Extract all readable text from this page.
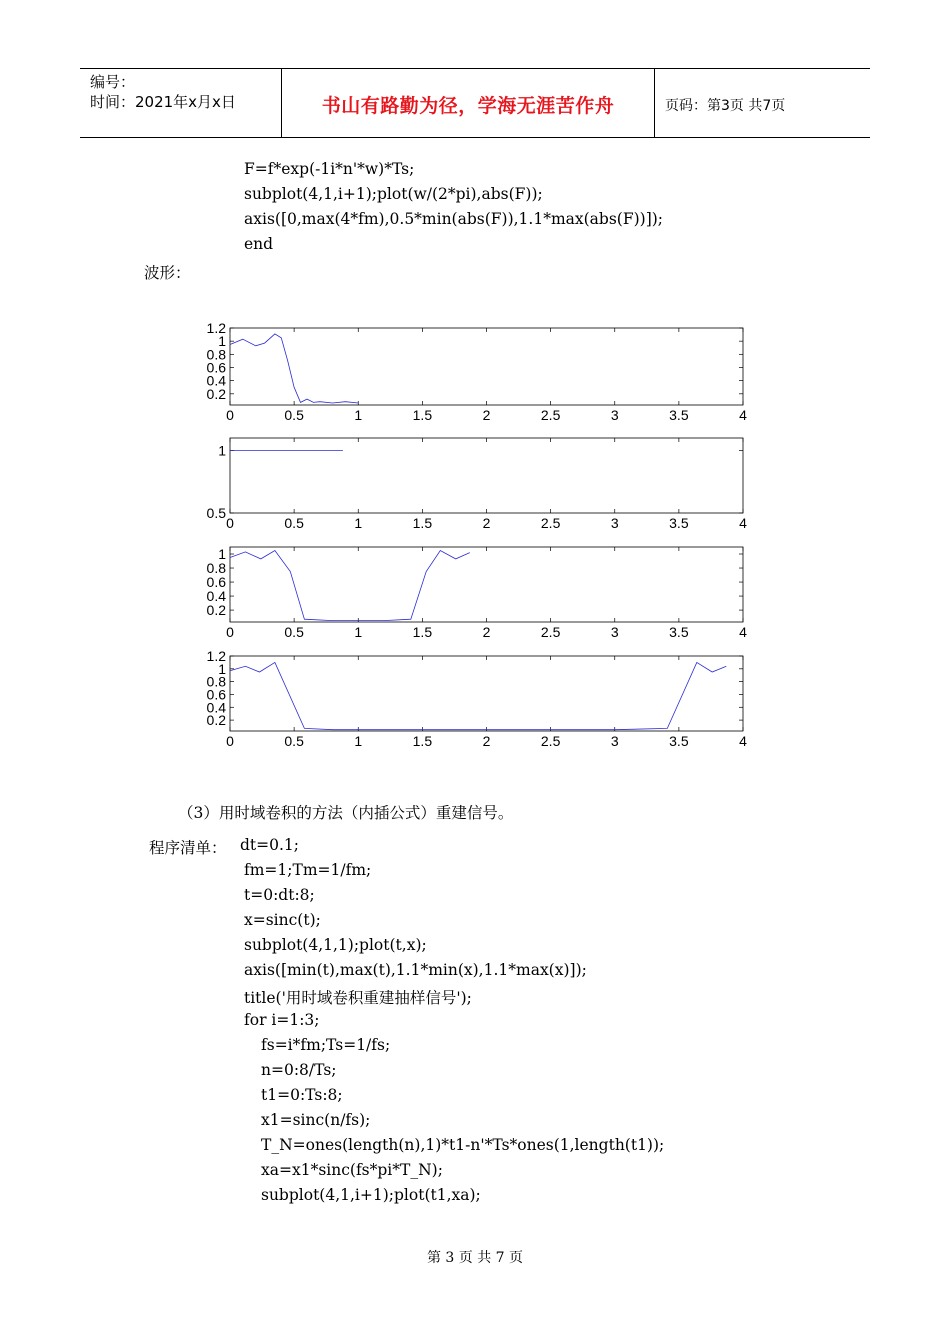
编号：
时间：2021年x月x日	书山有路勤为径，学海无涯苦作舟	页码：第3页 共7页
F=f*exp(-1i*n'*w)*Ts;
subplot(4,1,i+1);plot(w/(2*pi),abs(F));
axis([0,max(4*fm),0.5*min(abs(F)),1.1*max(abs(F))]);
end
波形：
0	0.5	1	1.5	2	2.5	3	3.5	4
1.2
1
0.8
0.6
0.4
0.2
0	0.5	1	1.5	2	2.5	3	3.5	4
1
0.5
0	0.5	1	1.5	2	2.5	3	3.5	4
1
0.8
0.6
0.4
0.2
0	0.5	1	1.5	2	2.5	3	3.5	4
1.2
1
0.8
0.6
0.4
0.2
（3）用时域卷积的方法（内插公式）重建信号。
程序清单： dt=0.1;
fm=1;Tm=1/fm;
t=0:dt:8;
x=sinc(t);
subplot(4,1,1);plot(t,x);
axis([min(t),max(t),1.1*min(x),1.1*max(x)]);
title('用时域卷积重建抽样信号');
for i=1:3;
fs=i*fm;Ts=1/fs;
n=0:8/Ts;
t1=0:Ts:8;
x1=sinc(n/fs);
T_N=ones(length(n),1)*t1-n'*Ts*ones(1,length(t1));
xa=x1*sinc(fs*pi*T_N);
subplot(4,1,i+1);plot(t1,xa);
第 3 页 共 7 页
